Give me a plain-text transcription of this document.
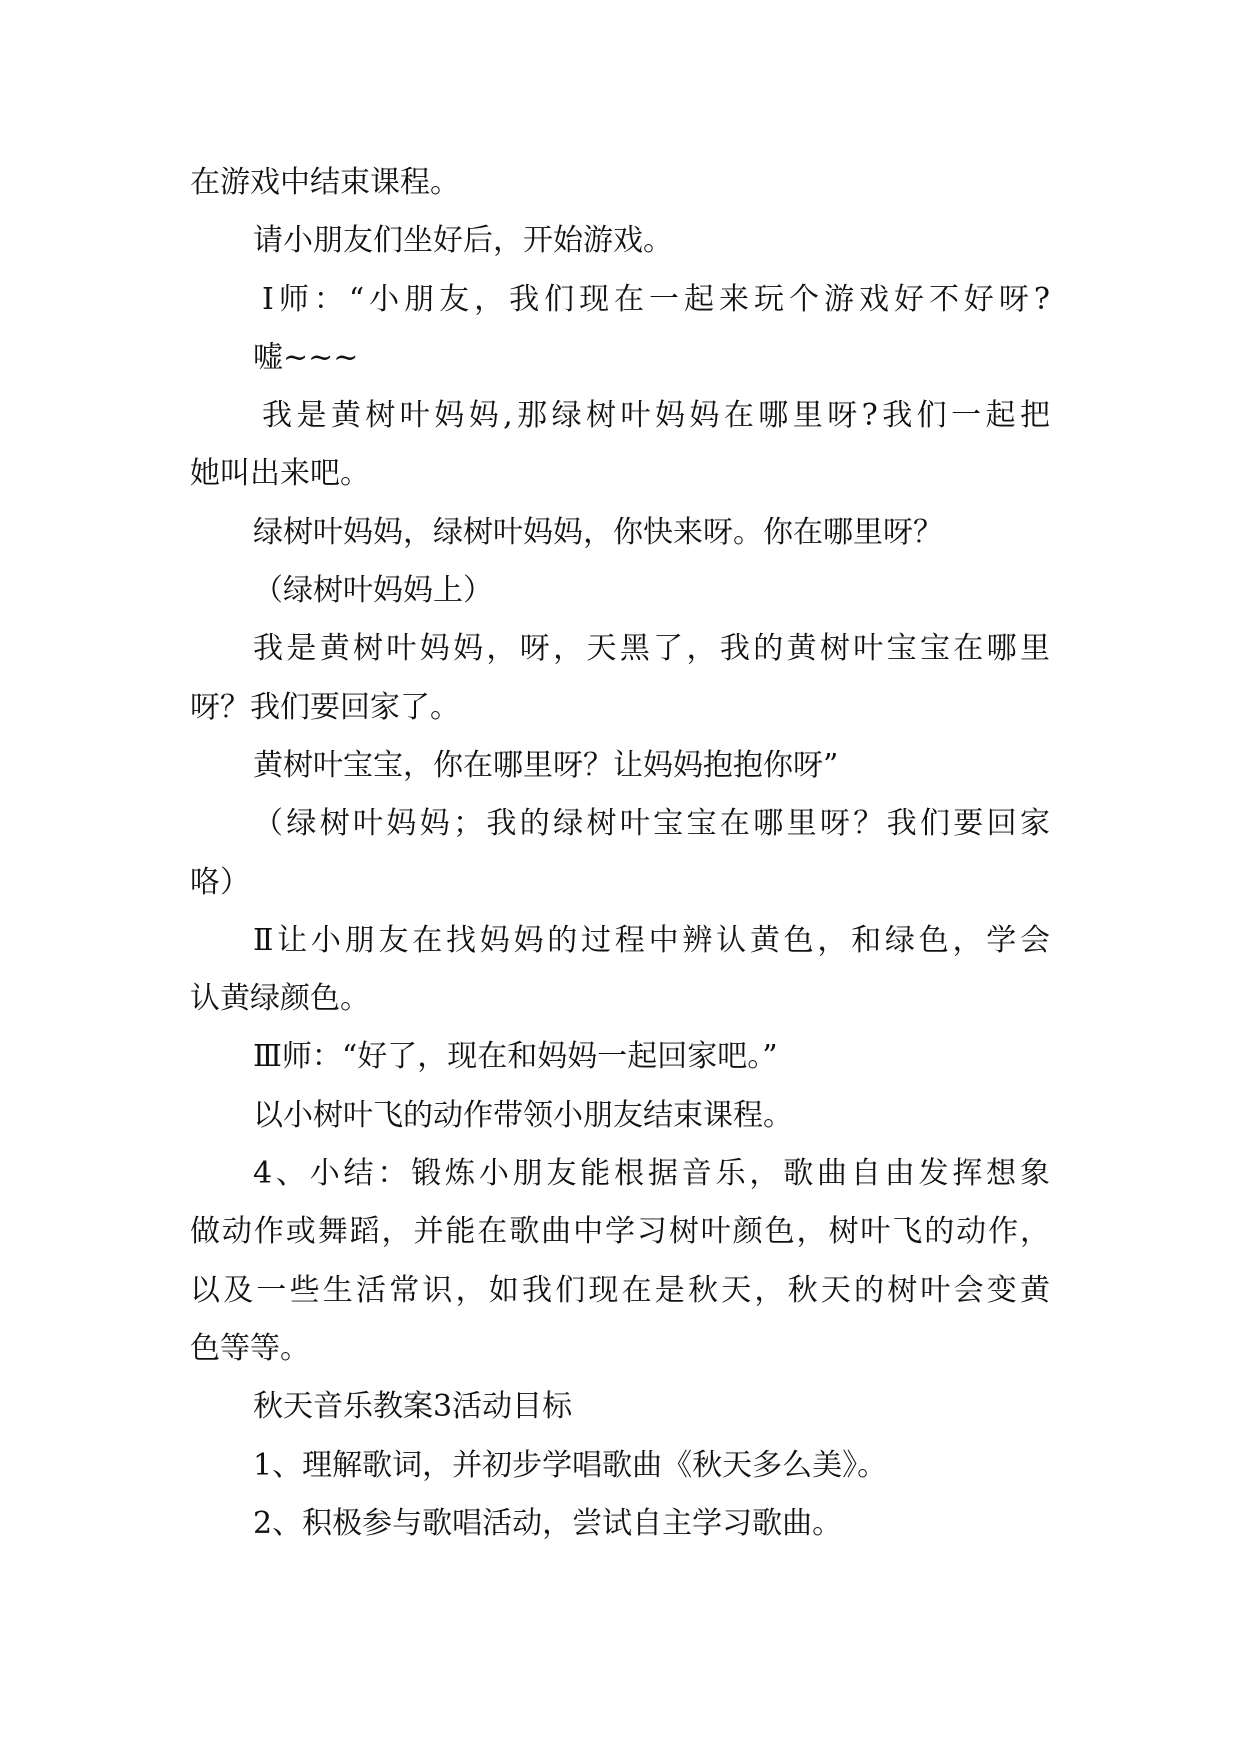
在游戏中结束课程。
请小朋友们坐好后，开始游戏。
Ⅰ师：“小朋友，我们现在一起来玩个游戏好不好呀?
嘘~~~
我是黄树叶妈妈,那绿树叶妈妈在哪里呀?我们一起把
她叫出来吧。
绿树叶妈妈，绿树叶妈妈，你快来呀。你在哪里呀？
（绿树叶妈妈上）
我是黄树叶妈妈，呀，天黑了，我的黄树叶宝宝在哪里
呀？我们要回家了。
黄树叶宝宝，你在哪里呀？让妈妈抱抱你呀”
（绿树叶妈妈；我的绿树叶宝宝在哪里呀？我们要回家
咯）
Ⅱ让小朋友在找妈妈的过程中辨认黄色，和绿色，学会
认黄绿颜色。
Ⅲ师：“好了，现在和妈妈一起回家吧。”
以小树叶飞的动作带领小朋友结束课程。
4、小结：锻炼小朋友能根据音乐，歌曲自由发挥想象
做动作或舞蹈，并能在歌曲中学习树叶颜色，树叶飞的动作，
以及一些生活常识，如我们现在是秋天，秋天的树叶会变黄
色等等。
秋天音乐教案3活动目标
1、理解歌词，并初步学唱歌曲《秋天多么美》。
2、积极参与歌唱活动，尝试自主学习歌曲。
